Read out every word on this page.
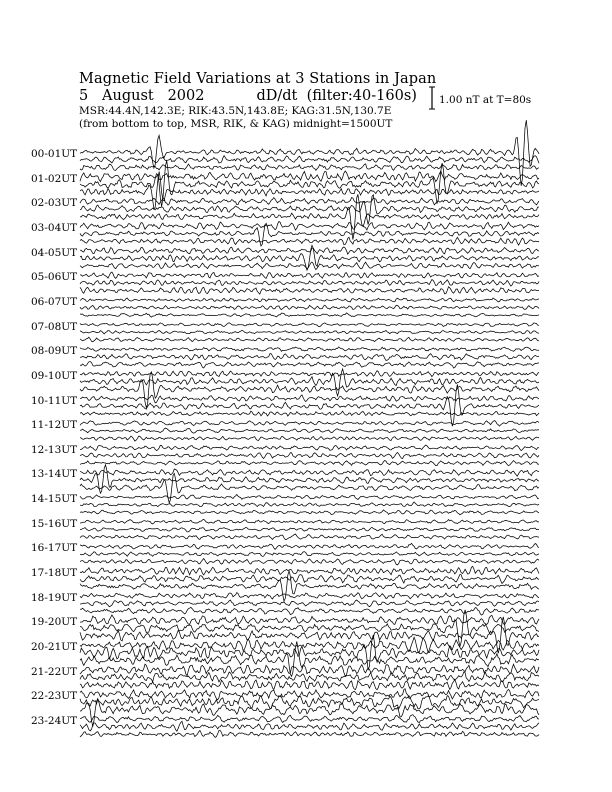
Magnetic Field Variations at 3 Stations in Japan
5   August   2002	dD/dt  (filter:40-160s)
MSR:44.4N,142.3E; RIK:43.5N,143.8E; KAG:31.5N,130.7E
(from bottom to top, MSR, RIK, & KAG) midnight=1500UT
1.00 nT at T=80s
00-01UT
01-02UT
02-03UT
03-04UT
04-05UT
05-06UT
06-07UT
07-08UT
08-09UT
09-10UT
10-11UT
11-12UT
12-13UT
13-14UT
14-15UT
15-16UT
16-17UT
17-18UT
18-19UT
19-20UT
20-21UT
21-22UT
22-23UT
23-24UT
